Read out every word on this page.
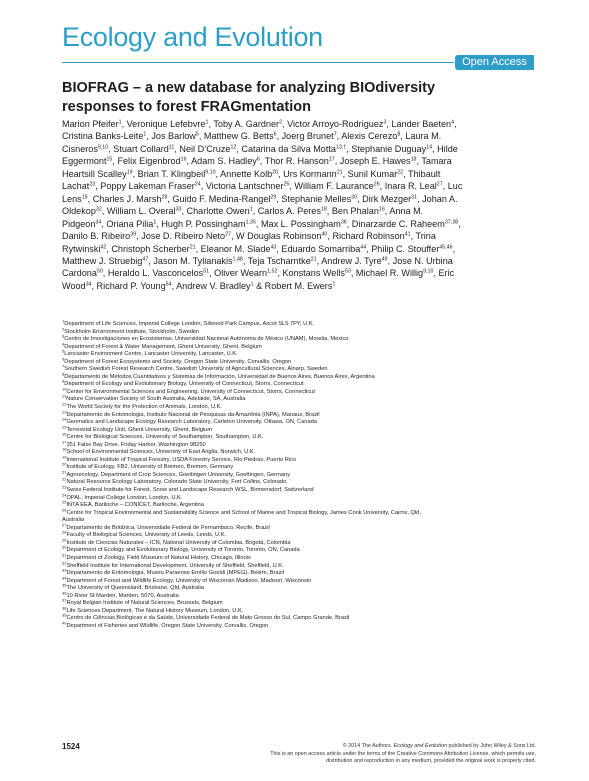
Ecology and Evolution
Open Access
BIOFRAG – a new database for analyzing BIOdiversity
responses to forest FRAGmentation
Marion Pfeifer$^1$, Veronique Lefebvre$^1$, Toby A. Gardner$^2$, Victor Arroyo-Rodriguez$^3$, Lander Baeten$^4$,
Cristina Banks-Leite$^1$, Jos Barlow$^5$, Matthew G. Betts$^6$, Joerg Brunet$^7$, Alexis Cerezo$^8$, Laura M.
Cisneros$^{9,10}$, Stuart Collard$^{11}$, Neil D’Cruze$^{12}$, Catarina da Silva Motta$^{13,\dagger}$, Stephanie Duguay$^{14}$, Hilde
Eggermont$^{15}$, Felix Eigenbrod$^{16}$, Adam S. Hadley$^6$, Thor R. Hanson$^{17}$, Joseph E. Hawes$^{18}$, Tamara
Heartsill Scalley$^{19}$, Brian T. Klingbeil$^{9,10}$, Annette Kolb$^{20}$, Urs Kormann$^{21}$, Sunil Kumar$^{22}$, Thibault
Lachat$^{23}$, Poppy Lakeman Fraser$^{24}$, Victoria Lantschner$^{25}$, William F. Laurance$^{26}$, Inara R. Leal$^{27}$, Luc
Lens$^{15}$, Charles J. Marsh$^{28}$, Guido F. Medina-Rangel$^{29}$, Stephanie Melles$^{30}$, Dirk Mezger$^{31}$, Johan A.
Oldekop$^{32}$, William L. Overal$^{33}$, Charlotte Owen$^1$, Carlos A. Peres$^{18}$, Ben Phalan$^{16}$, Anna M.
Pidgeon$^{34}$, Oriana Pilia$^1$, Hugh P. Possingham$^{1,35}$, Max L. Possingham$^{36}$, Dinarzarde C. Raheem$^{37,38}$,
Danilo B. Ribeiro$^{39}$, Jose D. Ribeiro Neto$^{27}$, W Douglas Robinson$^{40}$, Richard Robinson$^{41}$, Trina
Rytwinski$^{42}$, Christoph Scherber$^{21}$, Eleanor M. Slade$^{43}$, Eduardo Somarriba$^{44}$, Philip C. Stouffer$^{45,46}$,
Matthew J. Struebig$^{47}$, Jason M. Tylianakis$^{1,48}$, Teja Tscharntke$^{21}$, Andrew J. Tyre$^{49}$, Jose N. Urbina
Cardona$^{50}$, Heraldo L. Vasconcelos$^{51}$, Oliver Wearn$^{1,52}$, Konstans Wells$^{53}$, Michael R. Willig$^{9,10}$, Eric
Wood$^{34}$, Richard P. Young$^{54}$, Andrew V. Bradley$^1$ & Robert M. Ewers$^1$
$^1$Department of Life Sciences, Imperial College London, Silwood Park Campus, Ascot SL5 7PY, U.K.
$^2$Stockholm Environment Institute, Stockholm, Sweden
$^3$Centro de Investigaciones en Ecosistemas, Universidad Nacional Autónoma de México (UNAM), Morelia, Mexico
$^4$Department of Forest & Water Management, Ghent University, Ghent, Belgium
$^5$Lancaster Environment Centre, Lancaster University, Lancaster, U.K.
$^6$Department of Forest Ecosystems and Society, Oregon State University, Corvallis, Oregon
$^7$Southern Swedish Forest Research Centre, Swedish University of Agricultural Sciences, Alnarp, Sweden
$^8$Departamento de Métodos Cuantitativos y Sistemas de Información, Universidad de Buenos Aires, Buenos Aires, Argentina
$^9$Department of Ecology and Evolutionary Biology, University of Connecticut, Storrs, Connecticut
$^{10}$Center for Environmental Sciences and Engineering, University of Connecticut, Storrs, Connecticut
$^{11}$Nature Conservation Society of South Australia, Adelaide, SA, Australia
$^{12}$The World Society for the Protection of Animals, London, U.K.
$^{13}$Departamento de Entomologia, Instituto Nacional de Pesquisas da Amazônia (INPA), Manaus, Brazil
$^{14}$Geomatics and Landscape Ecology Research Laboratory, Carleton University, Ottawa, ON, Canada
$^{15}$Terrestrial Ecology Unit, Ghent University, Ghent, Belgium
$^{16}$Centre for Biological Sciences, University of Southampton, Southampton, U.K.
$^{17}$351 False Bay Drive, Friday Harbor, Washington 98250
$^{18}$School of Environmental Sciences, University of East Anglia, Norwich, U.K.
$^{19}$International Institute of Tropical Forestry, USDA Forestry Service, Rio Piedras, Puerto Rico
$^{20}$Institute of Ecology, FB2, University of Bremen, Bremen, Germany
$^{21}$Agroecology, Department of Crop Sciences, Goettingen University, Goettingen, Germany
$^{22}$Natural Resource Ecology Laboratory, Colorado State University, Fort Collins, Colorado
$^{23}$Swiss Federal Institute for Forest, Snow and Landscape Research WSL, Birmensdorf, Switzerland
$^{24}$OPAL, Imperial College London, London, U.K.
$^{25}$INTA EEA, Bariloche – CONICET, Bariloche, Argentina
$^{26}$Centre for Tropical Environmental and Sustainability Science and School of Marine and Tropical Biology, James Cook University, Cairns, Qld,
Australia
$^{27}$Departamento de Botânica, Universidade Federal de Pernambuco, Recife, Brazil
$^{28}$Faculty of Biological Sciences, University of Leeds, Leeds, U.K.
$^{29}$Instituto de Ciencias Naturales – ICN, National University of Colombia, Bogotá, Colombia
$^{30}$Department of Ecology and Evolutionary Biology, University of Toronto, Toronto, ON, Canada
$^{31}$Department of Zoology, Field Museum of Natural History, Chicago, Illinois
$^{32}$Sheffield Institute for International Development, University of Sheffield, Sheffield, U.K.
$^{33}$Departamento de Entomologia, Museu Paraense Emílio Goeldi (MPEG), Belém, Brazil
$^{34}$Department of Forest and Wildlife Ecology, University of Wisconsin Madison, Madison, Wisconsin
$^{35}$The University of Queensland, Brisbane, Qld, Australia
$^{36}$10 River St Marden, Marden, 5070, Australia
$^{37}$Royal Belgian Institute of Natural Sciences, Brussels, Belgium
$^{38}$Life Sciences Department, The Natural History Museum, London, U.K.
$^{39}$Centro de Ciências Biológicas e da Saúde, Universidade Federal de Mato Grosso do Sul, Campo Grande, Brazil
$^{40}$Department of Fisheries and Wildlife, Oregon State University, Corvallis, Oregon
1524	© 2014 The Authors. Ecology and Evolution published by John Wiley & Sons Ltd.
This is an open access article under the terms of the Creative Commons Attribution License, which permits use,
distribution and reproduction in any medium, provided the original work is properly cited.
